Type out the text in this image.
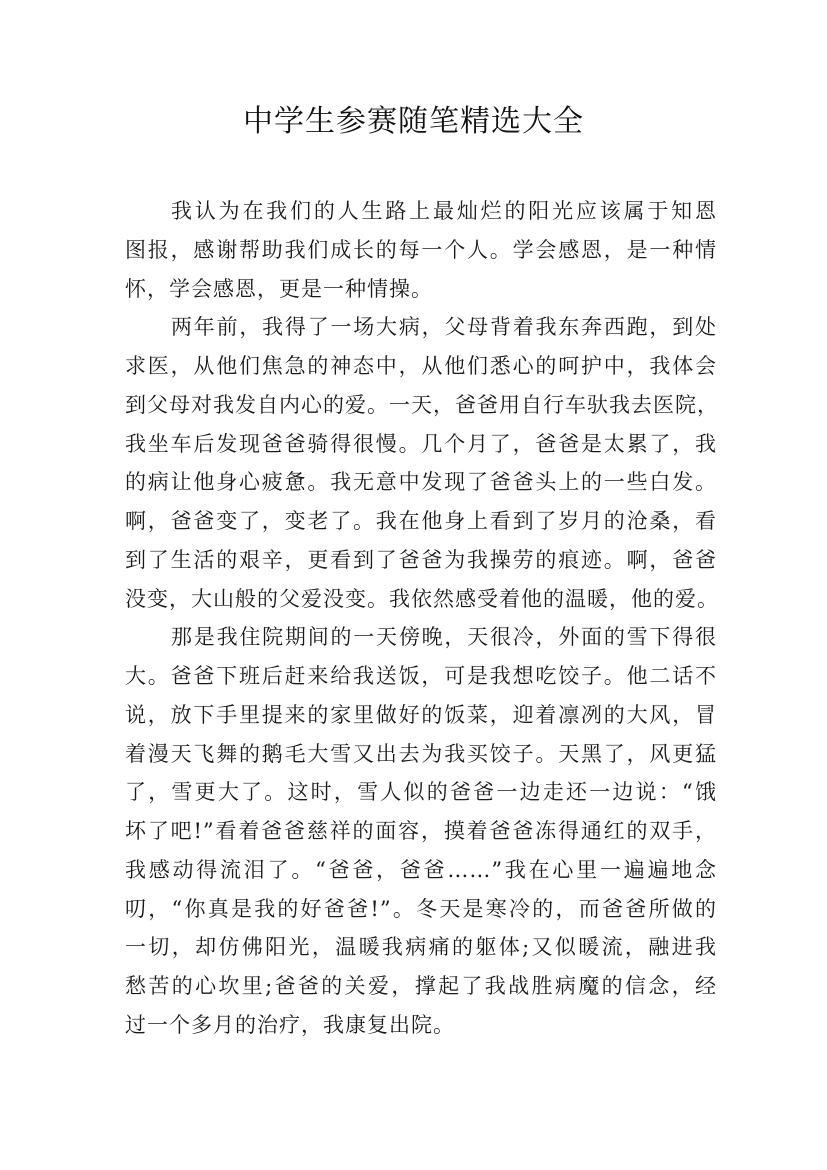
中学生参赛随笔精选大全
我认为在我们的人生路上最灿烂的阳光应该属于知恩
图报，感谢帮助我们成长的每一个人。学会感恩，是一种情
怀，学会感恩，更是一种情操。
两年前，我得了一场大病，父母背着我东奔西跑，到处
求医，从他们焦急的神态中，从他们悉心的呵护中，我体会
到父母对我发自内心的爱。一天，爸爸用自行车驮我去医院，
我坐车后发现爸爸骑得很慢。几个月了，爸爸是太累了，我
的病让他身心疲惫。我无意中发现了爸爸头上的一些白发。
啊，爸爸变了，变老了。我在他身上看到了岁月的沧桑，看
到了生活的艰辛，更看到了爸爸为我操劳的痕迹。啊，爸爸
没变，大山般的父爱没变。我依然感受着他的温暖，他的爱。
那是我住院期间的一天傍晚，天很冷，外面的雪下得很
大。爸爸下班后赶来给我送饭，可是我想吃饺子。他二话不
说，放下手里提来的家里做好的饭菜，迎着凛冽的大风，冒
着漫天飞舞的鹅毛大雪又出去为我买饺子。天黑了，风更猛
了，雪更大了。这时，雪人似的爸爸一边走还一边说：“饿
坏了吧!”看着爸爸慈祥的面容，摸着爸爸冻得通红的双手，
我感动得流泪了。“爸爸，爸爸……”我在心里一遍遍地念
叨，“你真是我的好爸爸!”。冬天是寒冷的，而爸爸所做的
一切，却仿佛阳光，温暖我病痛的躯体;又似暖流，融进我
愁苦的心坎里;爸爸的关爱，撑起了我战胜病魔的信念，经
过一个多月的治疗，我康复出院。
